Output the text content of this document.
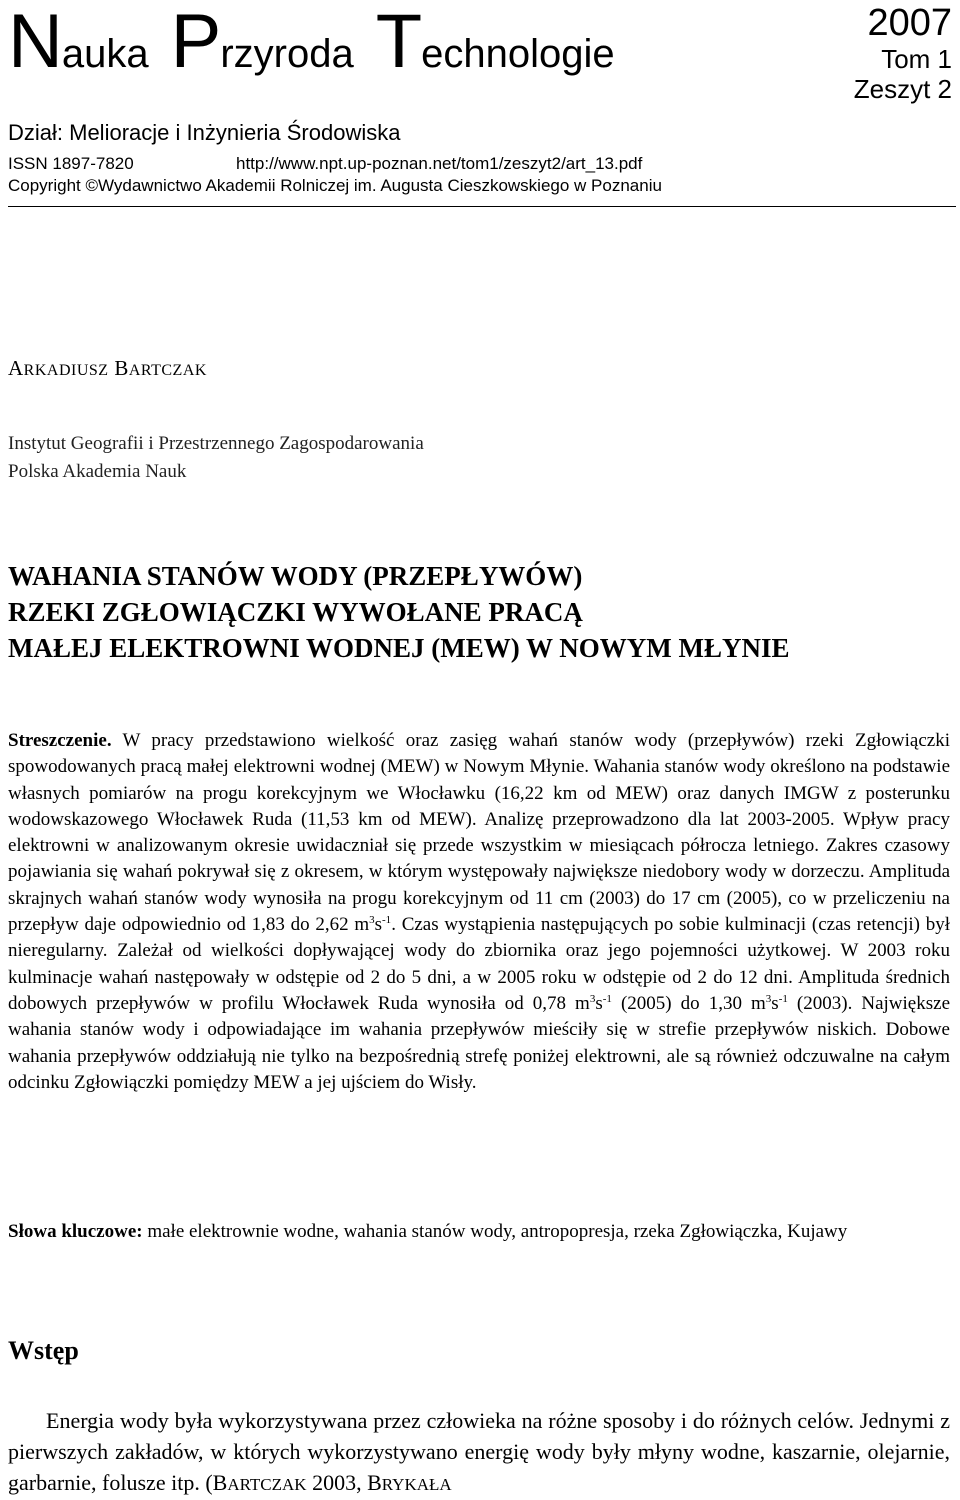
Nauka Przyroda Technologie
2007
Tom 1
Zeszyt 2
Dział: Melioracje i Inżynieria Środowiska
ISSN 1897-7820	http://www.npt.up-poznan.net/tom1/zeszyt2/art_13.pdf
Copyright ©Wydawnictwo Akademii Rolniczej im. Augusta Cieszkowskiego w Poznaniu
ARKADIUSZ BARTCZAK
Instytut Geografii i Przestrzennego Zagospodarowania
Polska Akademia Nauk
WAHANIA STANÓW WODY (PRZEPŁYWÓW)
RZEKI ZGŁOWIĄCZKI WYWOŁANE PRACĄ
MAŁEJ ELEKTROWNI WODNEJ (MEW) W NOWYM MŁYNIE
Streszczenie. W pracy przedstawiono wielkość oraz zasięg wahań stanów wody (przepływów) rzeki Zgłowiączki spowodowanych pracą małej elektrowni wodnej (MEW) w Nowym Młynie. Wahania stanów wody określono na podstawie własnych pomiarów na progu korekcyjnym we Włocławku (16,22 km od MEW) oraz danych IMGW z posterunku wodowskazowego Włocławek Ruda (11,53 km od MEW). Analizę przeprowadzono dla lat 2003-2005. Wpływ pracy elektrowni w analizowanym okresie uwidaczniał się przede wszystkim w miesiącach półrocza letniego. Zakres czasowy pojawiania się wahań pokrywał się z okresem, w którym występowały największe niedobory wody w dorzeczu. Amplituda skrajnych wahań stanów wody wynosiła na progu korekcyjnym od 11 cm (2003) do 17 cm (2005), co w przeliczeniu na przepływ daje odpowiednio od 1,83 do 2,62 $m^3s^{-1}$. Czas wystąpienia następujących po sobie kulminacji (czas retencji) był nieregularny. Zależał od wielkości dopływającej wody do zbiornika oraz jego pojemności użytkowej. W 2003 roku kulminacje wahań następowały w odstępie od 2 do 5 dni, a w 2005 roku w odstępie od 2 do 12 dni. Amplituda średnich dobowych przepływów w profilu Włocławek Ruda wynosiła od 0,78 $m^3s^{-1}$ (2005) do 1,30 $m^3s^{-1}$ (2003). Największe wahania stanów wody i odpowiadające im wahania przepływów mieściły się w strefie przepływów niskich. Dobowe wahania przepływów oddziałują nie tylko na bezpośrednią strefę poniżej elektrowni, ale są również odczuwalne na całym odcinku Zgłowiączki pomiędzy MEW a jej ujściem do Wisły.
Słowa kluczowe: małe elektrownie wodne, wahania stanów wody, antropopresja, rzeka Zgłowiączka, Kujawy
Wstęp
Energia wody była wykorzystywana przez człowieka na różne sposoby i do różnych celów. Jednymi z pierwszych zakładów, w których wykorzystywano energię wody były młyny wodne, kaszarnie, olejarnie, garbarnie, folusze itp. (BARTCZAK 2003, BRYKAŁA
